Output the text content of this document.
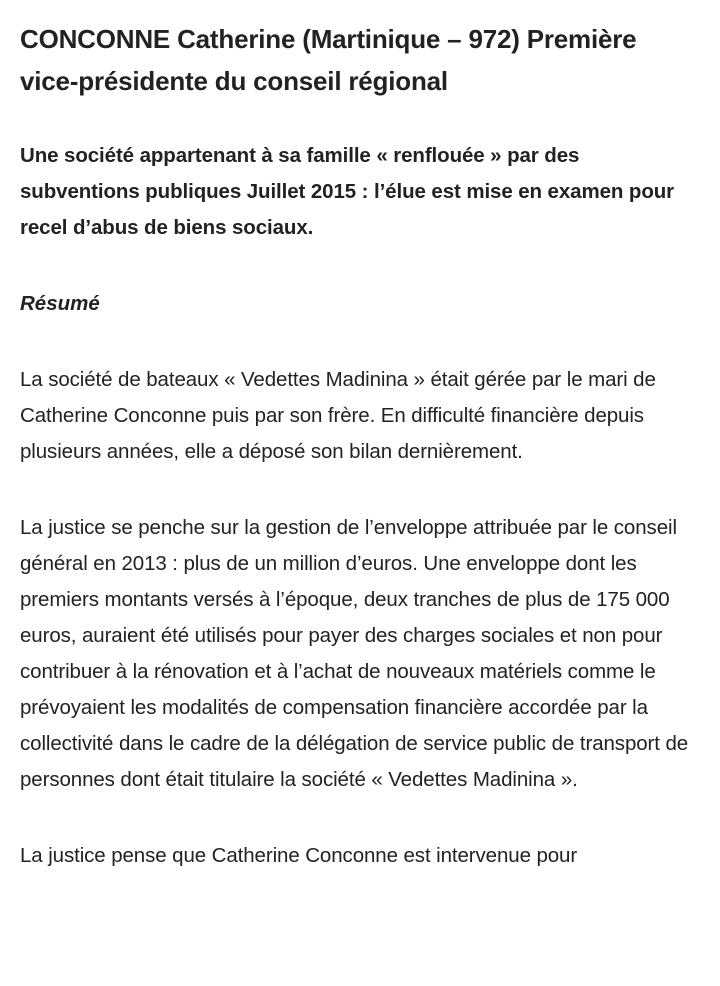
CONCONNE Catherine (Martinique – 972) Première vice-présidente du conseil régional

Une société appartenant à sa famille « renflouée » par des subventions publiques Juillet 2015 : l’élue est mise en examen pour recel d’abus de biens sociaux.

Résumé

La société de bateaux « Vedettes Madinina » était gérée par le mari de Catherine Conconne puis par son frère. En difficulté financière depuis plusieurs années, elle a déposé son bilan dernièrement.

La justice se penche sur la gestion de l’enveloppe attribuée par le conseil général en 2013 : plus de un million d’euros. Une enveloppe dont les premiers montants versés à l’époque, deux tranches de plus de 175 000 euros, auraient été utilisés pour payer des charges sociales et non pour contribuer à la rénovation et à l’achat de nouveaux matériels comme le prévoyaient les modalités de compensation financière accordée par la collectivité dans le cadre de la délégation de service public de transport de personnes dont était titulaire la société « Vedettes Madinina ».

La justice pense que Catherine Conconne est intervenue pour
